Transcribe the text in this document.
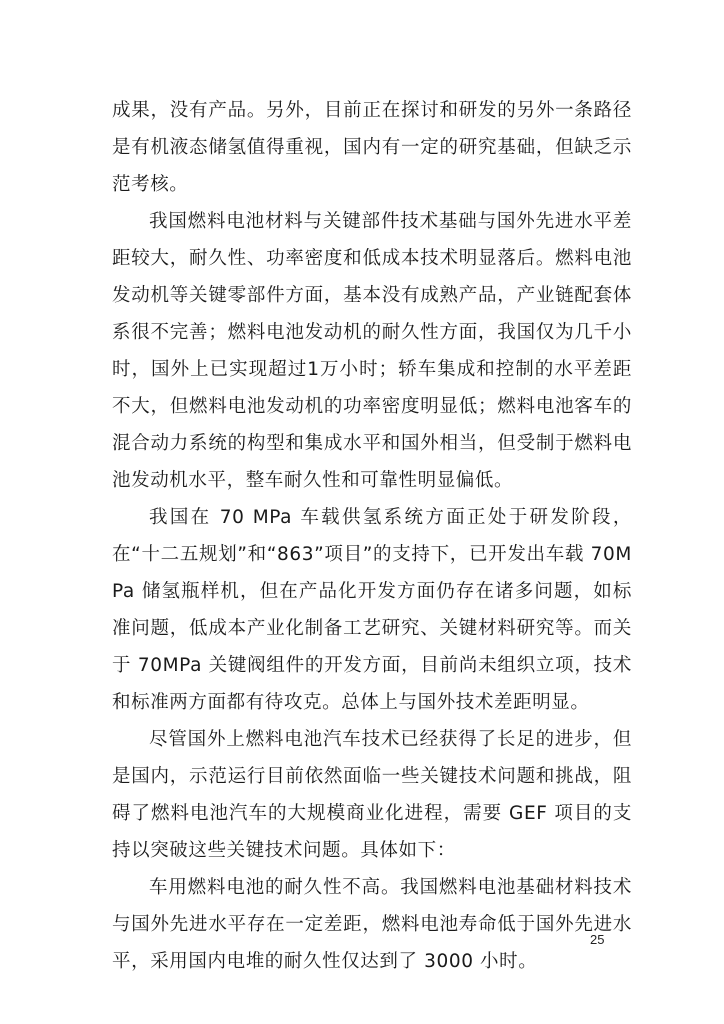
成果，没有产品。另外，目前正在探讨和研发的另外一条路径是有机液态储氢值得重视，国内有一定的研究基础，但缺乏示范考核。

我国燃料电池材料与关键部件技术基础与国外先进水平差距较大，耐久性、功率密度和低成本技术明显落后。燃料电池发动机等关键零部件方面，基本没有成熟产品，产业链配套体系很不完善；燃料电池发动机的耐久性方面，我国仅为几千小时，国外上已实现超过1万小时；轿车集成和控制的水平差距不大，但燃料电池发动机的功率密度明显低；燃料电池客车的混合动力系统的构型和集成水平和国外相当，但受制于燃料电池发动机水平，整车耐久性和可靠性明显偏低。

我国在 70 MPa 车载供氢系统方面正处于研发阶段，在“十二五规划”和“863”项目”的支持下，已开发出车载 70MPa 储氢瓶样机，但在产品化开发方面仍存在诸多问题，如标准问题，低成本产业化制备工艺研究、关键材料研究等。而关于 70MPa 关键阀组件的开发方面，目前尚未组织立项，技术和标准两方面都有待攻克。总体上与国外技术差距明显。

尽管国外上燃料电池汽车技术已经获得了长足的进步，但是国内，示范运行目前依然面临一些关键技术问题和挑战，阻碍了燃料电池汽车的大规模商业化进程，需要 GEF 项目的支持以突破这些关键技术问题。具体如下：

车用燃料电池的耐久性不高。我国燃料电池基础材料技术与国外先进水平存在一定差距，燃料电池寿命低于国外先进水平，采用国内电堆的耐久性仅达到了 3000 小时。

25
